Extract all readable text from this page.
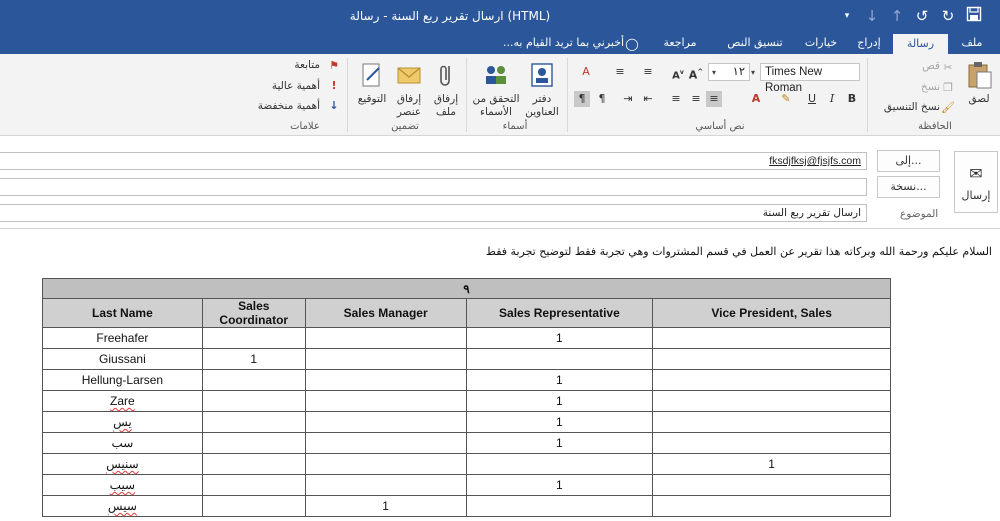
↻
↺
↑
↓
▾
ارسال تقرير ربع السنة - رسالة (HTML)
ملف
رسالة
إدراج
خيارات
تنسيق النص
مراجعة
◯
أخبرني بما تريد القيام به...
لصق
✂
قص
❐
نسخ
🖌
نسخ التنسيق
الحافظة
Times New Roman
▾
١٢
▾
A^
$A^v$
≡
≡
A
B
I
U
✎
A
≡
≡
≡
⇤
⇥
¶
¶
نص أساسي
دفتر
العناوين
التحقق من
الأسماء
أسماء
إرفاق
ملف
إرفاق
عنصر
التوقيع
تضمين
⚑
متابعة
!
أهمية عالية
↓
أهمية منخفضة
علامات
✉
إرسال
إلى...
fksdjfksj@fjsjfs.com
نسخة...
الموضوع
ارسال تقرير ربع السنة
السلام عليكم ورحمة الله وبركاته هذا تقرير عن العمل في قسم المشتروات وهي تجربة فقط لتوضيح تجربة فقط
٩				
Last Name	Sales Coordinator	Sales Manager	Sales Representative	Vice President, Sales
Freehafer			1	
Giussani	1			
Hellung-Larsen			1	
Zare			1	
يس			1	
سب			1	
سنيس				1
سيب			1	
سيس		1		
